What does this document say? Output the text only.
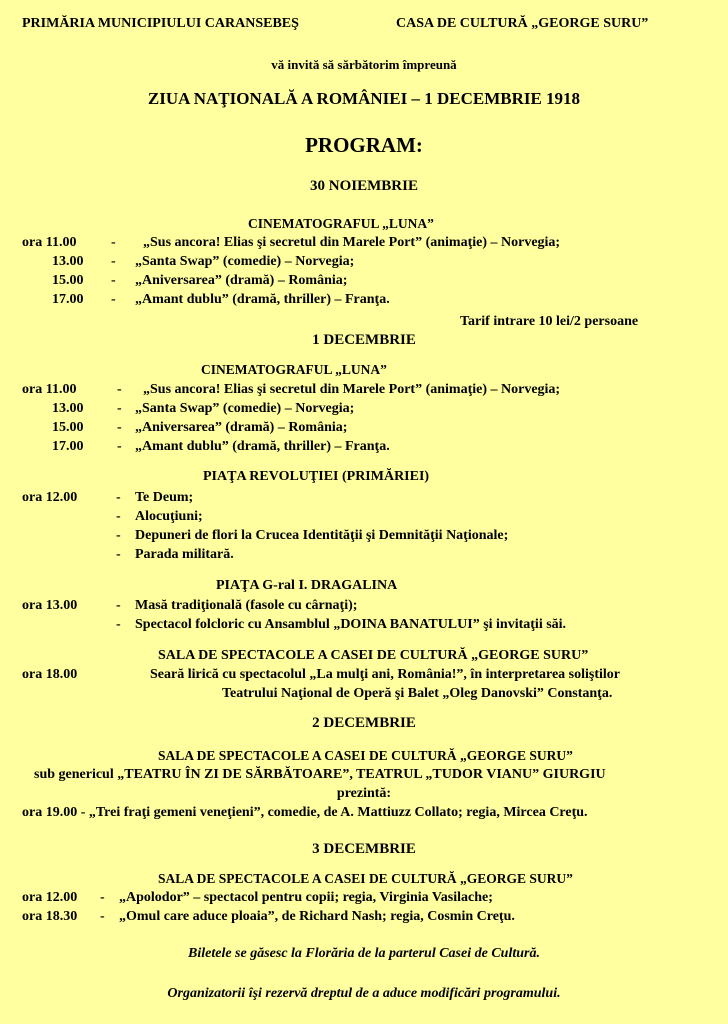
PRIMĂRIA MUNICIPIULUI CARANSEBEŞ	CASA DE CULTURĂ „GEORGE SURU”
vă invită să sărbătorim împreună
ZIUA NAŢIONALĂ A ROMÂNIEI – 1 DECEMBRIE 1918
PROGRAM:
30 NOIEMBRIE
CINEMATOGRAFUL „LUNA”
ora 11.00 - „Sus ancora! Elias şi secretul din Marele Port” (animaţie) – Norvegia;
13.00 - „Santa Swap” (comedie) – Norvegia;
15.00 - „Aniversarea” (dramă) – România;
17.00 - „Amant dublu” (dramă, thriller) – Franţa.
Tarif intrare 10 lei/2 persoane
1 DECEMBRIE
CINEMATOGRAFUL „LUNA”
ora 11.00	- „Sus ancora! Elias şi secretul din Marele Port” (animaţie) – Norvegia;
13.00 - „Santa Swap” (comedie) – Norvegia;
15.00 - „Aniversarea” (dramă) – România;
17.00 - „Amant dublu” (dramă, thriller) – Franţa.
PIAŢA REVOLUŢIEI (PRIMĂRIEI)
ora 12.00	- Te Deum;
- Alocuţiuni;
- Depuneri de flori la Crucea Identităţii şi Demnităţii Naţionale;
- Parada militară.
PIAŢA G-ral I. DRAGALINA
ora 13.00	- Masă tradiţională (fasole cu cârnaţi);
- Spectacol folcloric cu Ansamblul „DOINA BANATULUI” şi invitaţii săi.
SALA DE SPECTACOLE A CASEI DE CULTURĂ „GEORGE SURU”
ora 18.00	Seară lirică cu spectacolul „La mulţi ani, România!”, în interpretarea soliştilor
Teatrului Naţional de Operă şi Balet „Oleg Danovski” Constanţa.
2 DECEMBRIE
SALA DE SPECTACOLE A CASEI DE CULTURĂ „GEORGE SURU”
sub genericul „TEATRU ÎN ZI DE SĂRBĂTOARE”, TEATRUL „TUDOR VIANU” GIURGIU
prezintă:
ora 19.00 - „Trei fraţi gemeni veneţieni”, comedie, de A. Mattiuzz Collato; regia, Mircea Creţu.
3 DECEMBRIE
SALA DE SPECTACOLE A CASEI DE CULTURĂ „GEORGE SURU”
ora 12.00 - „Apolodor” – spectacol pentru copii; regia, Virginia Vasilache;
ora 18.30 - „Omul care aduce ploaia”, de Richard Nash; regia, Cosmin Creţu.
Biletele se găsesc la Florăria de la parterul Casei de Cultură.
Organizatorii îşi rezervă dreptul de a aduce modificări programului.
